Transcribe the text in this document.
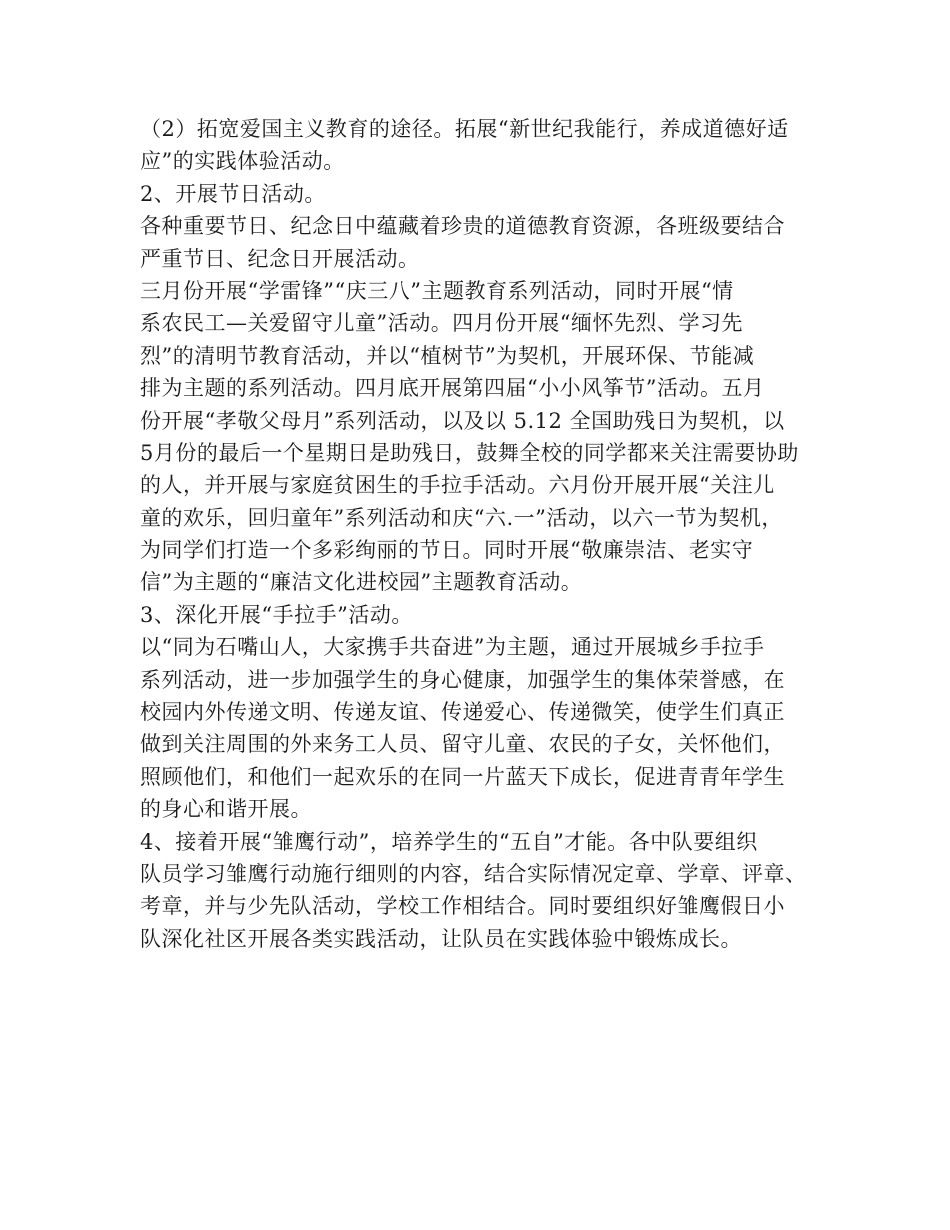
（2）拓宽爱国主义教育的途径。拓展“新世纪我能行，养成道德好适
应”的实践体验活动。
2、开展节日活动。
各种重要节日、纪念日中蕴藏着珍贵的道德教育资源，各班级要结合
严重节日、纪念日开展活动。
三月份开展“学雷锋”“庆三八”主题教育系列活动，同时开展“情
系农民工—关爱留守儿童”活动。四月份开展“缅怀先烈、学习先
烈”的清明节教育活动，并以“植树节”为契机，开展环保、节能减
排为主题的系列活动。四月底开展第四届“小小风筝节”活动。五月
份开展“孝敬父母月”系列活动，以及以 5.12 全国助残日为契机，以
5月份的最后一个星期日是助残日，鼓舞全校的同学都来关注需要协助
的人，并开展与家庭贫困生的手拉手活动。六月份开展开展“关注儿
童的欢乐，回归童年”系列活动和庆“六.一”活动，以六一节为契机，
为同学们打造一个多彩绚丽的节日。同时开展“敬廉崇洁、老实守
信”为主题的“廉洁文化进校园”主题教育活动。
3、深化开展“手拉手”活动。
以“同为石嘴山人，大家携手共奋进”为主题，通过开展城乡手拉手
系列活动，进一步加强学生的身心健康，加强学生的集体荣誉感，在
校园内外传递文明、传递友谊、传递爱心、传递微笑，使学生们真正
做到关注周围的外来务工人员、留守儿童、农民的子女，关怀他们，
照顾他们，和他们一起欢乐的在同一片蓝天下成长，促进青青年学生
的身心和谐开展。
4、接着开展“雏鹰行动”，培养学生的“五自”才能。各中队要组织
队员学习雏鹰行动施行细则的内容，结合实际情况定章、学章、评章、
考章，并与少先队活动，学校工作相结合。同时要组织好雏鹰假日小
队深化社区开展各类实践活动，让队员在实践体验中锻炼成长。
